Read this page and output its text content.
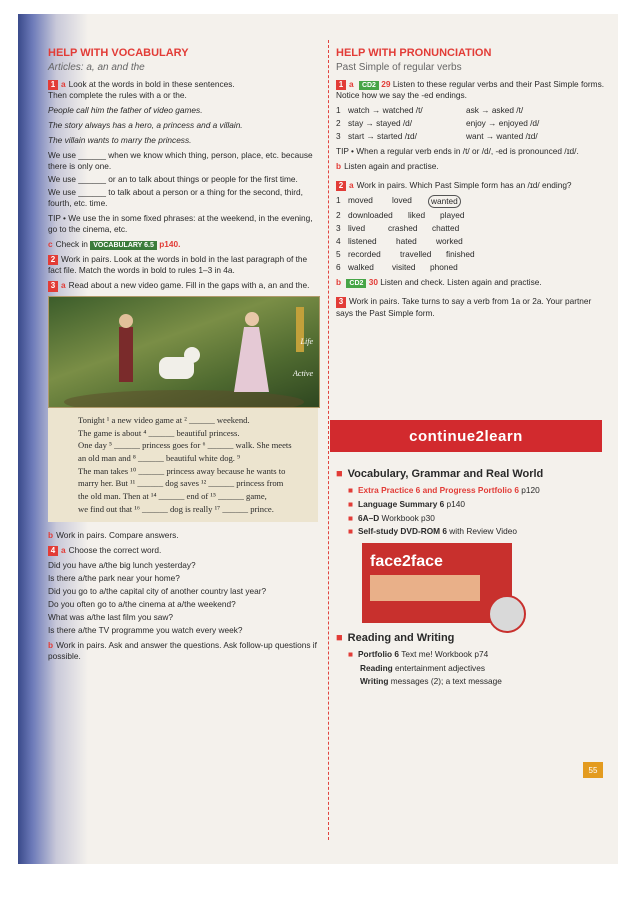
HELP WITH VOCABULARY
Articles: a, an and the
1 a Look at the words in bold in these sentences.
Then complete the rules with a or the.
People call him the father of video games.
The story always has a hero, a princess and a villain.
The villain wants to marry the princess.
We use ______ when we know which thing, person, place, etc. because there is only one.
We use ______ or an to talk about things or people for the first time.
We use ______ to talk about a person or a thing for the second, third, fourth, etc. time.
TIP • We use the in some fixed phrases: at the weekend, in the evening, go to the cinema, etc.
c Check in VOCABULARY 6.5 p140.
2 Work in pairs. Look at the words in bold in the last paragraph of the fact file. Match the words in bold to rules 1–3 in 4a.
3 a Read about a new video game. Fill in the gaps with a, an and the.
Life
Active
Tonight ¹ a new video game at ² ______ weekend.
The game is about ⁴ ______ beautiful princess.
One day ⁵ ______ princess goes for ⁶ ______ walk. She meets
an old man and ⁸ ______ beautiful white dog. ⁹
The man takes ¹⁰ ______ princess away because he wants to
marry her. But ¹¹ ______ dog saves ¹² ______ princess from
the old man. Then at ¹⁴ ______ end of ¹⁵ ______ game,
we find out that ¹⁶ ______ dog is really ¹⁷ ______ prince.
b Work in pairs. Compare answers.
4 a Choose the correct word.
Did you have a/the big lunch yesterday?
Is there a/the park near your home?
Did you go to a/the capital city of another country last year?
Do you often go to a/the cinema at a/the weekend?
What was a/the last film you saw?
Is there a/the TV programme you watch every week?
b Work in pairs. Ask and answer the questions. Ask follow-up questions if possible.
HELP WITH PRONUNCIATION
Past Simple of regular verbs
1 a CD2 29 Listen to these regular verbs and their Past Simple forms. Notice how we say the -ed endings.
1 watch → watched /t/	ask → asked /t/
2 stay → stayed /d/	enjoy → enjoyed /d/
3 start → started /ɪd/	want → wanted /ɪd/
TIP • When a regular verb ends in /t/ or /d/, -ed is pronounced /ɪd/.
b Listen again and practise.
2 a Work in pairs. Which Past Simple form has an /ɪd/ ending?
1 moved	loved	wanted
2 downloaded	liked	played
3 lived	crashed	chatted
4 listened	hated	worked
5 recorded	travelled	finished
6 walked	visited	phoned
b CD2 30 Listen and check. Listen again and practise.
3 Work in pairs. Take turns to say a verb from 1a or 2a. Your partner says the Past Simple form.
continue2learn
■ Vocabulary, Grammar and Real World
■ Extra Practice 6 and Progress Portfolio 6 p120
■ Language Summary 6 p140
■ 6A–D Workbook p30
■ Self-study DVD-ROM 6 with Review Video
face2face
■ Reading and Writing
■ Portfolio 6 Text me! Workbook p74
Reading entertainment adjectives
Writing messages (2); a text message
55
